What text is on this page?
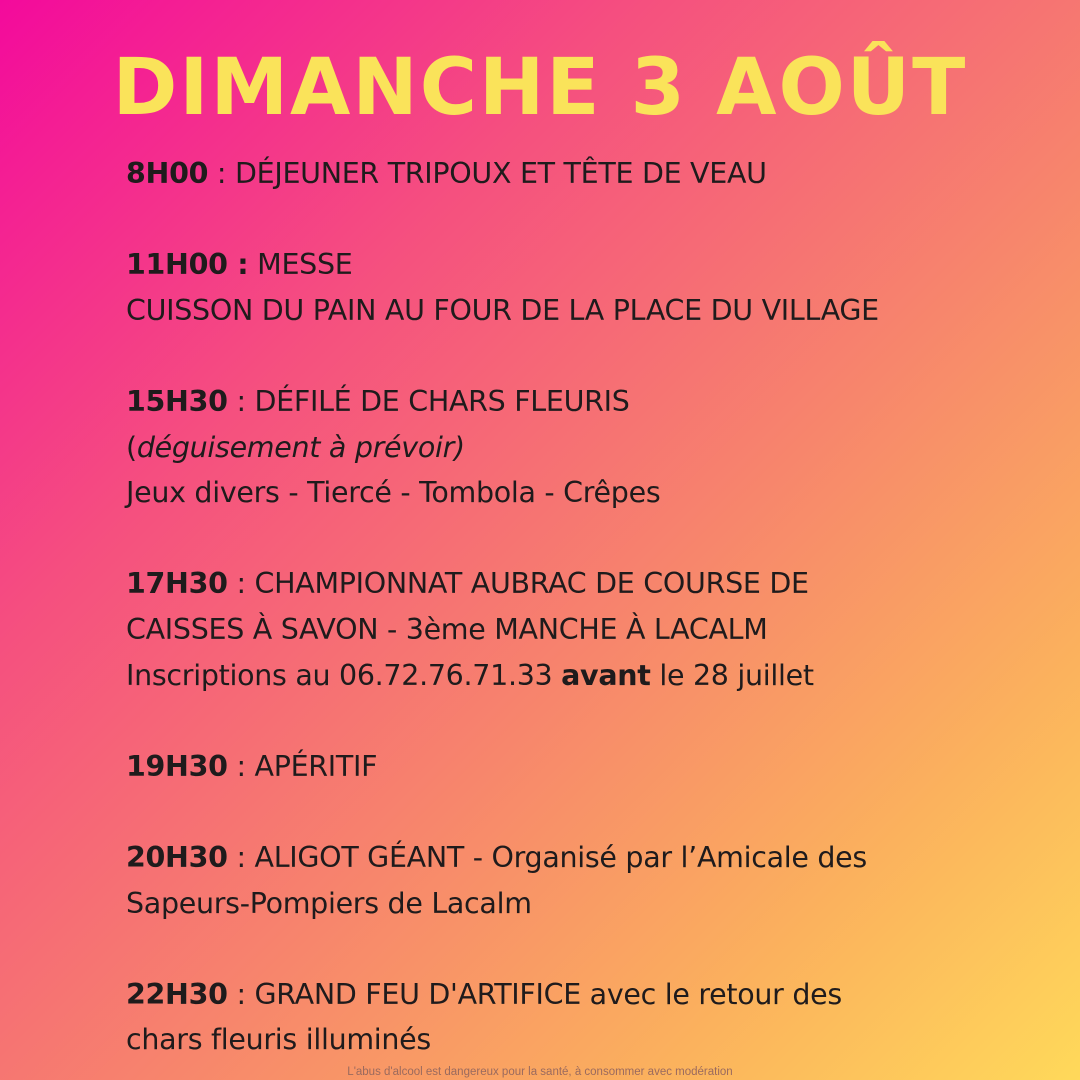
DIMANCHE 3 AOÛT
8H00 : DÉJEUNER TRIPOUX ET TÊTE DE VEAU
11H00 : MESSE
CUISSON DU PAIN AU FOUR DE LA PLACE DU VILLAGE
15H30 : DÉFILÉ DE CHARS FLEURIS
(déguisement à prévoir)
Jeux divers - Tiercé - Tombola - Crêpes
17H30 : CHAMPIONNAT AUBRAC DE COURSE DE
CAISSES À SAVON - 3ème MANCHE À LACALM
Inscriptions au 06.72.76.71.33 avant le 28 juillet
19H30 : APÉRITIF
20H30 : ALIGOT GÉANT - Organisé par l’Amicale des
Sapeurs-Pompiers de Lacalm
22H30 : GRAND FEU D'ARTIFICE avec le retour des
chars fleuris illuminés
L'abus d'alcool est dangereux pour la santé, à consommer avec modération
